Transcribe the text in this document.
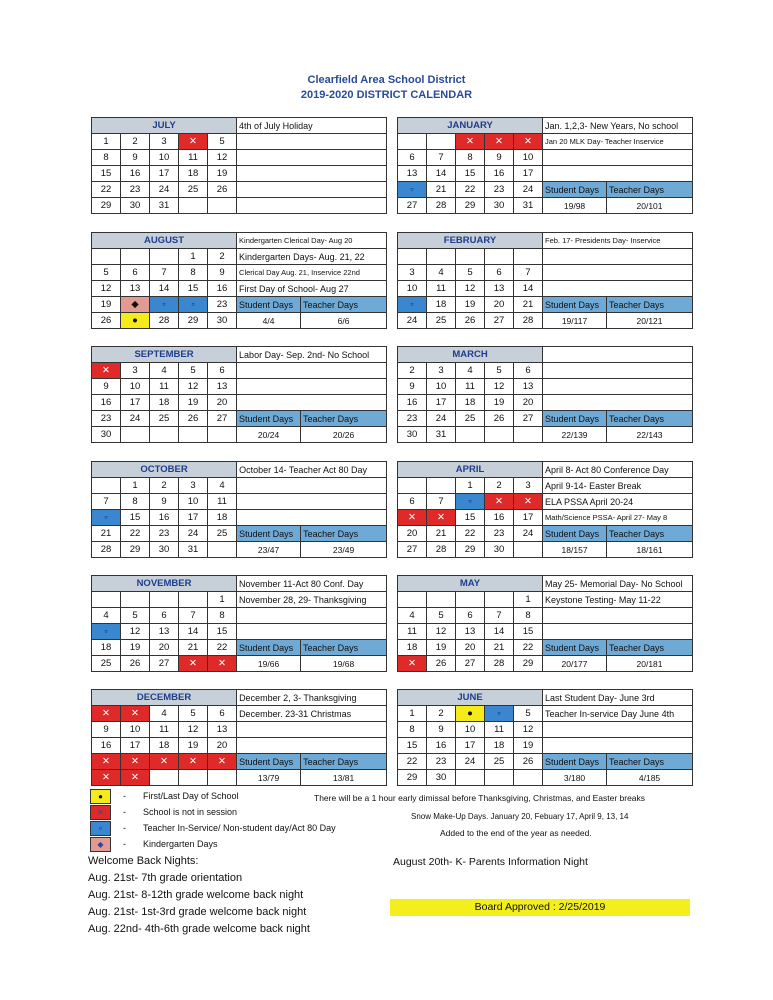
Clearfield Area School District
2019-2020 DISTRICT CALENDAR
JULY					4th of July Holiday
1	2	3	✕	5	
8	9	10	11	12	
15	16	17	18	19	
22	23	24	25	26	
29	30	31			
JANUARY					Jan. 1,2,3- New Years, No school	
		✕	✕	✕	Jan 20 MLK Day- Teacher Inservice	
6	7	8	9	10		
13	14	15	16	17		
▫	21	22	23	24	Student Days	Teacher Days
27	28	29	30	31	19/98	20/101
AUGUST					Kindergarten Clerical Day- Aug 20	
			1	2	Kindergarten Days- Aug. 21, 22	
5	6	7	8	9	Clerical Day Aug. 21, Inservice 22nd	
12	13	14	15	16	First Day of School- Aug 27	
19	◆	▫	▫	23	Student Days	Teacher Days
26	●	28	29	30	4/4	6/6
FEBRUARY					Feb. 17- Presidents Day- Inservice	

3	4	5	6	7		
10	11	12	13	14		
▫	18	19	20	21	Student Days	Teacher Days
24	25	26	27	28	19/117	20/121
SEPTEMBER					Labor Day- Sep. 2nd- No School	
✕	3	4	5	6		
9	10	11	12	13		
16	17	18	19	20		
23	24	25	26	27	Student Days	Teacher Days
30					20/24	20/26
MARCH						
2	3	4	5	6		
9	10	11	12	13		
16	17	18	19	20		
23	24	25	26	27	Student Days	Teacher Days
30	31				22/139	22/143
OCTOBER					October 14- Teacher Act 80 Day	
	1	2	3	4		
7	8	9	10	11		
▫	15	16	17	18		
21	22	23	24	25	Student Days	Teacher Days
28	29	30	31		23/47	23/49
APRIL					April 8- Act 80 Conference Day	
		1	2	3	April 9-14- Easter Break	
6	7	▫	✕	✕	ELA PSSA April 20-24	
✕	✕	15	16	17	Math/Science PSSA- April 27- May 8	
20	21	22	23	24	Student Days	Teacher Days
27	28	29	30		18/157	18/161
NOVEMBER					November 11-Act 80 Conf. Day	
				1	November 28, 29- Thanksgiving	
4	5	6	7	8		
▫	12	13	14	15		
18	19	20	21	22	Student Days	Teacher Days
25	26	27	✕	✕	19/66	19/68
MAY					May 25- Memorial Day- No School	
				1	Keystone Testing- May 11-22	
4	5	6	7	8		
11	12	13	14	15		
18	19	20	21	22	Student Days	Teacher Days
✕	26	27	28	29	20/177	20/181
DECEMBER					December 2, 3- Thanksgiving	
✕	✕	4	5	6	December. 23-31 Christmas	
9	10	11	12	13		
16	17	18	19	20		
✕	✕	✕	✕	✕	Student Days	Teacher Days
✕	✕				13/79	13/81
JUNE					Last Student Day- June 3rd	
1	2	●	▫	5	Teacher In-service Day June 4th	
8	9	10	11	12		
15	16	17	18	19		
22	23	24	25	26	Student Days	Teacher Days
29	30				3/180	4/185
●	-	First/Last Day of School
✕	-	School is not in session
▫	-	Teacher In-Service/ Non-student day/Act 80 Day
◆	-	Kindergarten Days
There will be a 1 hour early dimissal before Thanksgiving, Christmas, and Easter breaks
Snow Make-Up Days. January 20, Febuary 17, April 9, 13, 14
Added to the end of the year as needed.
August 20th- K- Parents Information Night
Welcome Back Nights:
Aug. 21st- 7th grade orientation
Aug. 21st- 8-12th grade welcome back night
Aug. 21st- 1st-3rd grade welcome back night
Aug. 22nd- 4th-6th grade welcome back night
Board Approved : 2/25/2019
